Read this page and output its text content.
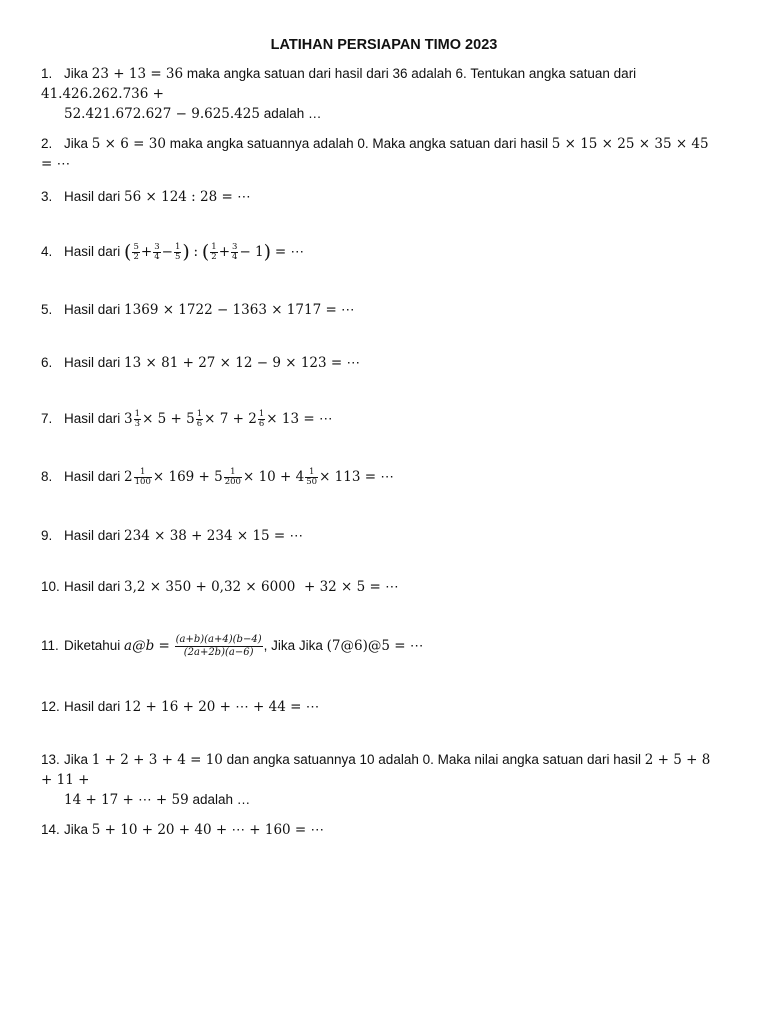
LATIHAN PERSIAPAN TIMO 2023
1. Jika 23 + 13 = 36 maka angka satuan dari hasil dari 36 adalah 6. Tentukan angka satuan dari 41.426.262.736 +
52.421.672.627 − 9.625.425 adalah …
2. Jika 5 × 6 = 30 maka angka satuannya adalah 0. Maka angka satuan dari hasil 5 × 15 × 25 × 35 × 45 = ⋯
3. Hasil dari 56 × 124 : 28 = ⋯
4. Hasil dari ( $\frac{5}{2} + \frac{3}{4} - \frac{1}{5}$ ) : ( $\frac{1}{2} + \frac{3}{4} - 1$) = ⋯
5. Hasil dari 1369 × 1722 − 1363 × 1717 = ⋯
6. Hasil dari 13 × 81 + 27 × 12 − 9 × 123 = ⋯
7. Hasil dari $3 \frac{1}{3} \times 5 + 5 \frac{1}{6} \times 7 + 2 \frac{1}{6} \times 13$ = ⋯
8. Hasil dari $2 \frac{1}{100} \times 169 + 5 \frac{1}{200} \times 10 + 4 \frac{1}{50} \times 113$ = ⋯
9. Hasil dari 234 × 38 + 234 × 15 = ⋯
10. Hasil dari 3,2 × 350 + 0,32 × 6000  + 32 × 5 = ⋯
11. Diketahui a@b = $\frac{(a+b)(a+4)(b-4)}{(2a+2b)(a-6)}$ , Jika Jika (7@6)@5 = ⋯
12. Hasil dari 12 + 16 + 20 + ⋯ + 44 = ⋯
13. Jika 1 + 2 + 3 + 4 = 10 dan angka satuannya 10 adalah 0. Maka nilai angka satuan dari hasil 2 + 5 + 8 + 11 +
14 + 17 + ⋯ + 59 adalah …
14. Jika 5 + 10 + 20 + 40 + ⋯ + 160 = ⋯
